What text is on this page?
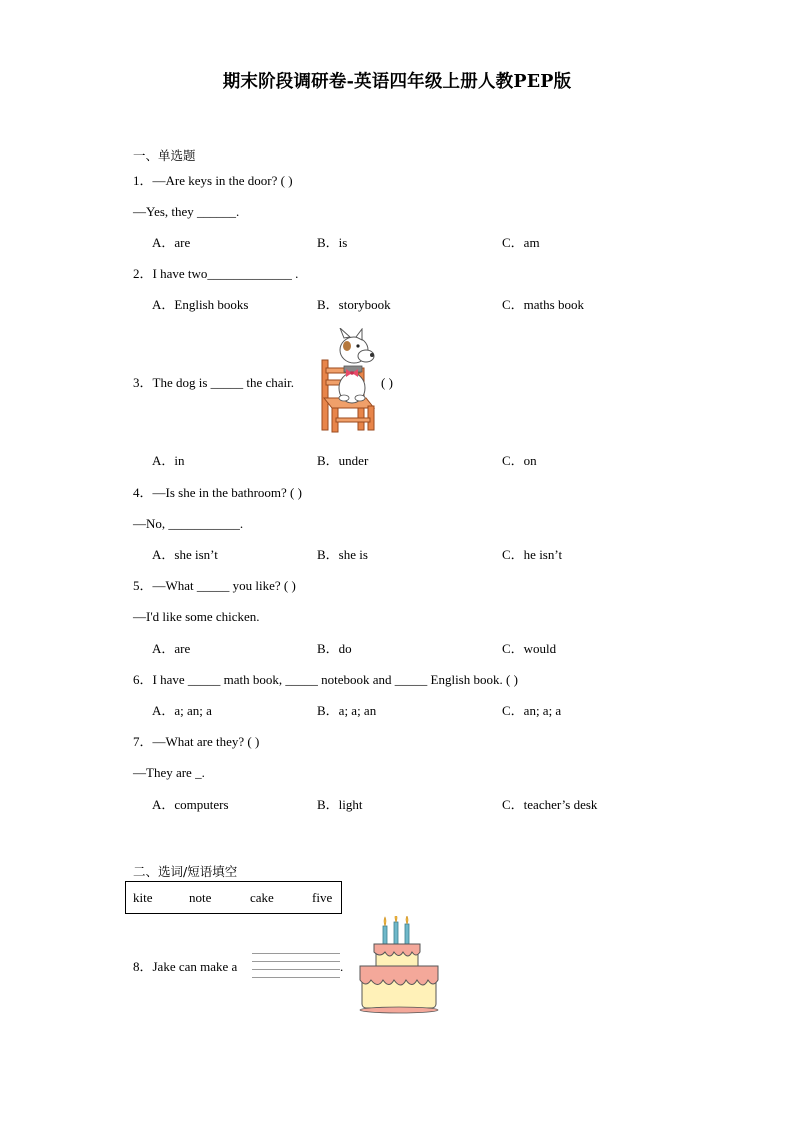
期末阶段调研卷-英语四年级上册人教PEP版
一、单选题
1．—Are keys in the door? ( )
—Yes, they ______.
A．are	B．is	C．am
2．I have two_____________ .
A．English books	B．storybook	C．maths book
3．The dog is _____ the chair.	( )
A．in	B．under	C．on
4．—Is she in the bathroom? ( )
—No, ___________.
A．she isn’t	B．she is	C．he isn’t
5．—What _____ you like? ( )
—I'd like some chicken.
A．are	B．do	C．would
6．I have _____ math book, _____ notebook and _____ English book. ( )
A．a; an; a	B．a; a; an	C．an; a; a
7．—What are they? ( )
—They are _.
A．computers	B．light	C．teacher’s desk
二、选词/短语填空
kite	note	cake	five
8．Jake can make a	.
